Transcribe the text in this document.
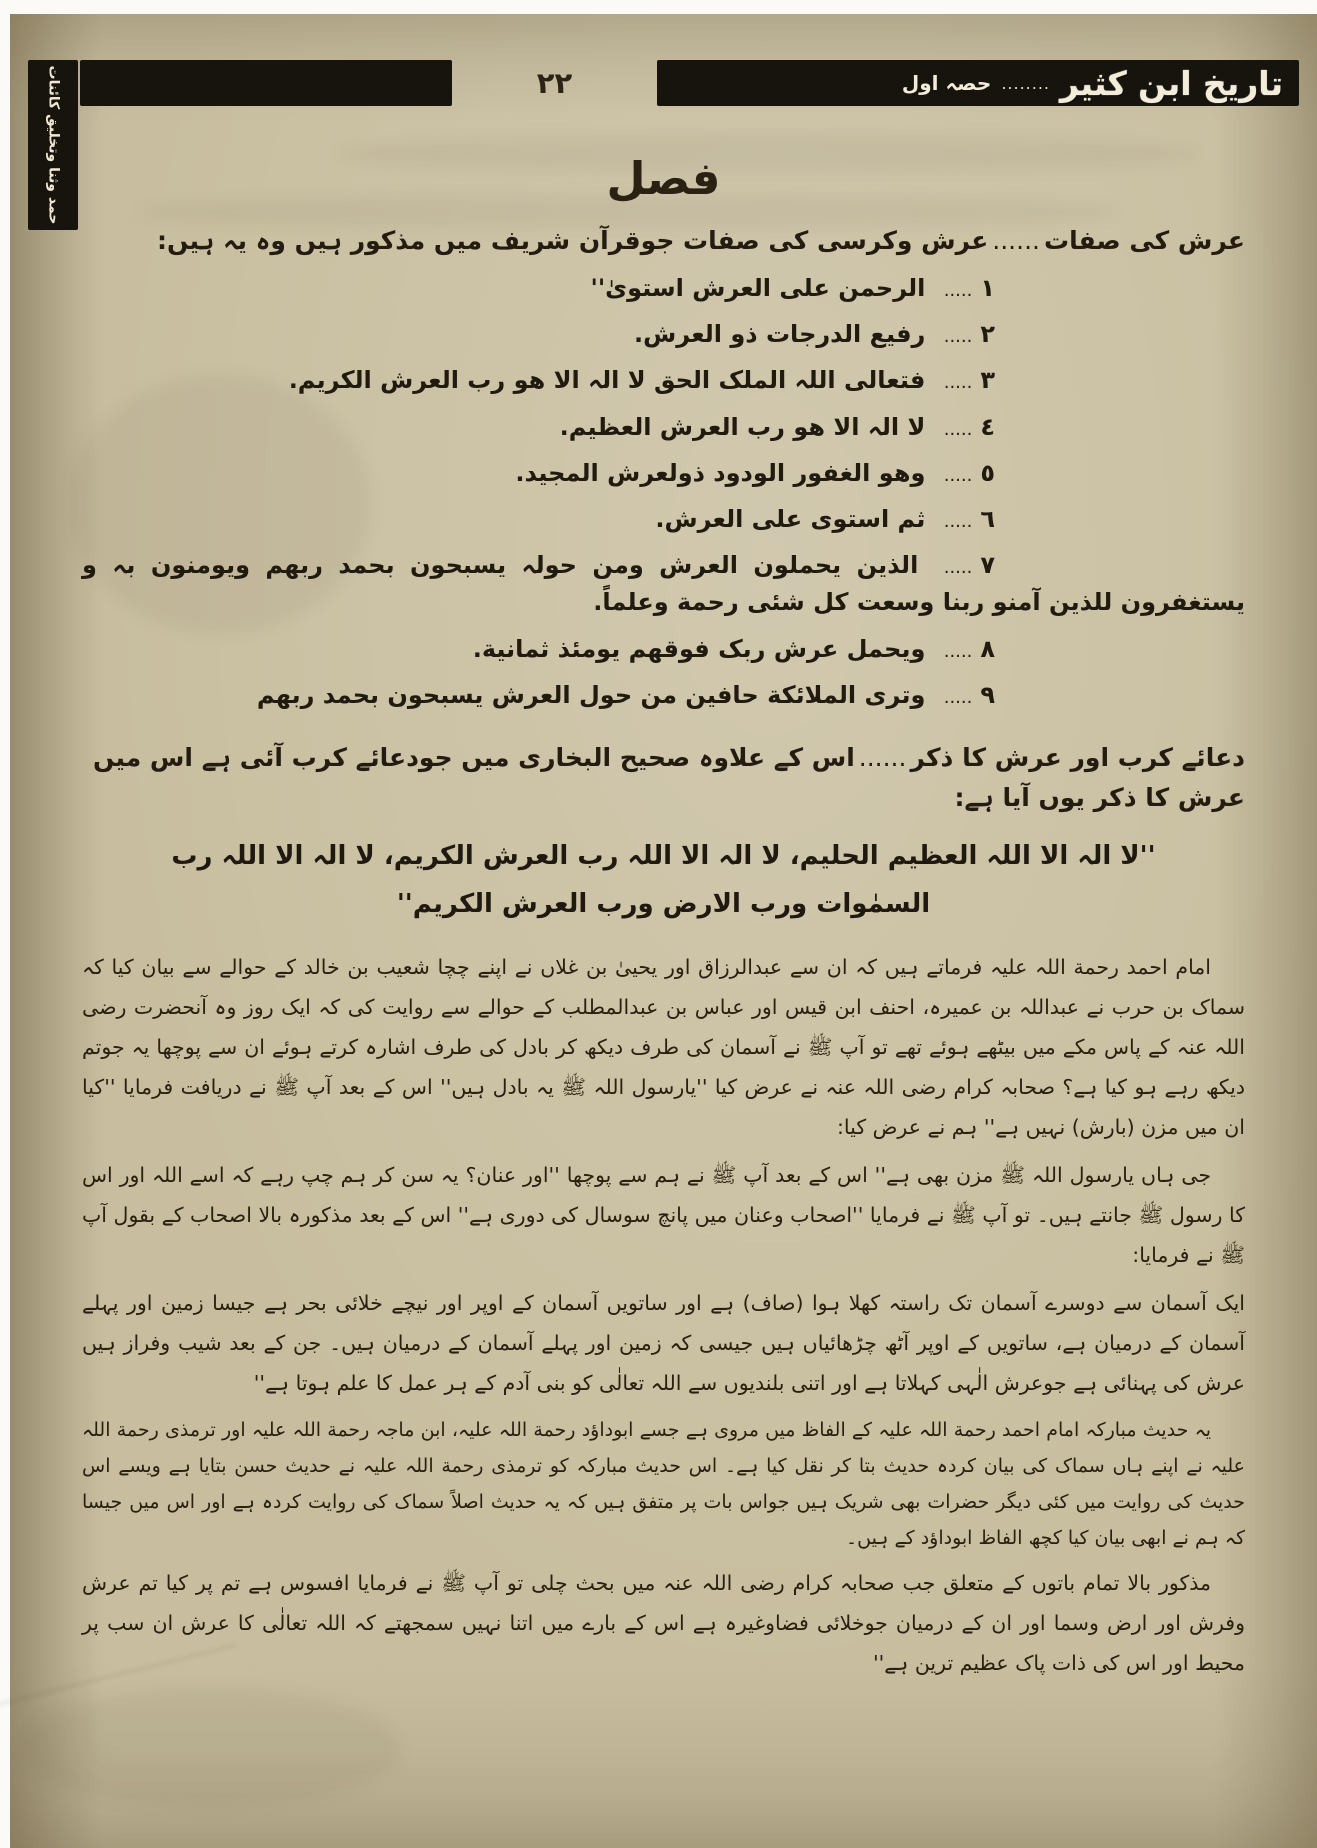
تاریخ ابن کثیر
........
حصہ اول
٢٢
حمد وثنا وتخلیق کائنات	فصل
عرش کی صفات......عرش وکرسی کی صفات جوقرآن شریف میں مذکور ہیں وہ یہ ہیں:
١..... الرحمن علی العرش استویٰ''
٢..... رفیع الدرجات ذو العرش.
٣..... فتعالی اللہ الملک الحق لا الہ الا ھو رب العرش الکریم.
٤..... لا الہ الا ھو رب العرش العظیم.
٥..... وھو الغفور الودود ذولعرش المجید.
٦..... ثم استوی علی العرش.
٧..... الذین یحملون العرش ومن حولہ یسبحون بحمد ربھم ویومنون بہ و یستغفرون للذین آمنو ربنا وسعت کل شئی رحمة وعلماً.
٨..... ویحمل عرش ربک فوقھم یومئذ ثمانیة.
٩..... وتری الملائکة حافین من حول العرش یسبحون بحمد ربھم
دعائے کرب اور عرش کا ذکر......اس کے علاوہ صحیح البخاری میں جودعائے کرب آئی ہے اس میں عرش کا ذکر یوں آیا ہے:
''لا الہ الا اللہ العظیم الحلیم، لا الہ الا اللہ رب العرش الکریم، لا الہ الا اللہ رب السمٰوات ورب الارض ورب العرش الکریم''
امام احمد رحمة اللہ علیہ فرماتے ہیں کہ ان سے عبدالرزاق اور یحییٰ بن غلاں نے اپنے چچا شعیب بن خالد کے حوالے سے بیان کیا کہ سماک بن حرب نے عبداللہ بن عمیرہ، احنف ابن قیس اور عباس بن عبدالمطلب کے حوالے سے روایت کی کہ ایک روز وہ آنحضرت رضی اللہ عنہ کے پاس مکے میں بیٹھے ہوئے تھے تو آپ ﷺ نے آسمان کی طرف دیکھ کر بادل کی طرف اشارہ کرتے ہوئے ان سے پوچھا یہ جوتم دیکھ رہے ہو کیا ہے؟ صحابہ کرام رضی اللہ عنہ نے عرض کیا ''یارسول اللہ ﷺ یہ بادل ہیں'' اس کے بعد آپ ﷺ نے دریافت فرمایا ''کیا ان میں مزن (بارش) نہیں ہے'' ہم نے عرض کیا:
جی ہاں یارسول اللہ ﷺ مزن بھی ہے'' اس کے بعد آپ ﷺ نے ہم سے پوچھا ''اور عنان؟ یہ سن کر ہم چپ رہے کہ اسے اللہ اور اس کا رسول ﷺ جانتے ہیں۔ تو آپ ﷺ نے فرمایا ''اصحاب وعنان میں پانچ سوسال کی دوری ہے'' اس کے بعد مذکورہ بالا اصحاب کے بقول آپ ﷺ نے فرمایا:
ایک آسمان سے دوسرے آسمان تک راستہ کھلا ہوا (صاف) ہے اور ساتویں آسمان کے اوپر اور نیچے خلائی بحر ہے جیسا زمین اور پہلے آسمان کے درمیان ہے، ساتویں کے اوپر آٹھ چڑھائیاں ہیں جیسی کہ زمین اور پہلے آسمان کے درمیان ہیں۔ جن کے بعد شیب وفراز ہیں عرش کی پہنائی ہے جوعرش الٰہی کہلاتا ہے اور اتنی بلندیوں سے اللہ تعالٰی کو بنی آدم کے ہر عمل کا علم ہوتا ہے''
یہ حدیث مبارکہ امام احمد رحمة اللہ علیہ کے الفاظ میں مروی ہے جسے ابوداؤد رحمة اللہ علیہ، ابن ماجہ رحمة اللہ علیہ اور ترمذی رحمة اللہ علیہ نے اپنے ہاں سماک کی بیان کردہ حدیث بتا کر نقل کیا ہے۔ اس حدیث مبارکہ کو ترمذی رحمة اللہ علیہ نے حدیث حسن بتایا ہے ویسے اس حدیث کی روایت میں کئی دیگر حضرات بھی شریک ہیں جواس بات پر متفق ہیں کہ یہ حدیث اصلاً سماک کی روایت کردہ ہے اور اس میں جیسا کہ ہم نے ابھی بیان کیا کچھ الفاظ ابوداؤد کے ہیں۔
مذکور بالا تمام باتوں کے متعلق جب صحابہ کرام رضی اللہ عنہ میں بحث چلی تو آپ ﷺ نے فرمایا افسوس ہے تم پر کیا تم عرش وفرش اور ارض وسما اور ان کے درمیان جوخلائی فضاوغیرہ ہے اس کے بارے میں اتنا نہیں سمجھتے کہ اللہ تعالٰی کا عرش ان سب پر محیط اور اس کی ذات پاک عظیم ترین ہے''
